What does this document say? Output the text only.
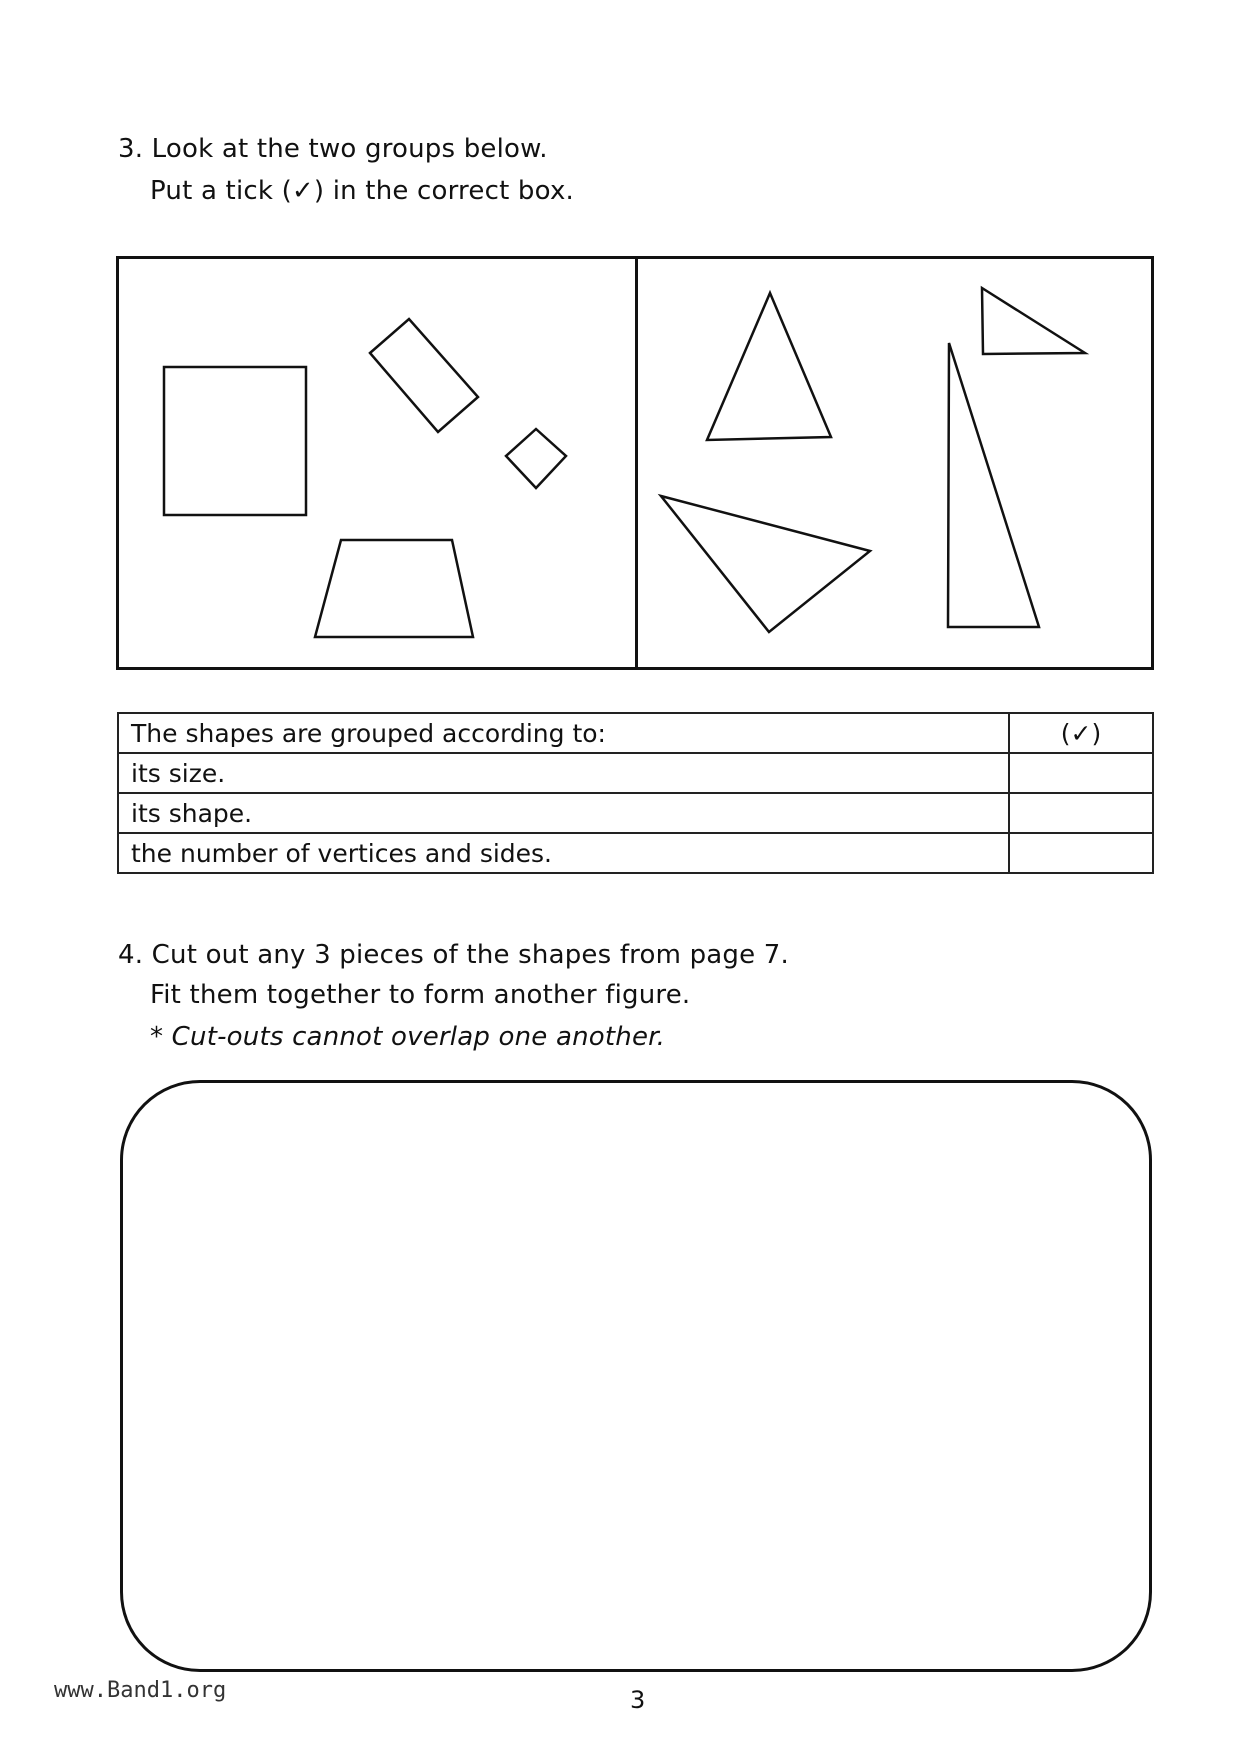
3. Look at the two groups below.
Put a tick (✓) in the correct box.
The shapes are grouped according to:	(✓)
its size.	
its shape.	
the number of vertices and sides.	
4. Cut out any 3 pieces of the shapes from page 7.
Fit them together to form another figure.
* Cut-outs cannot overlap one another.
www.Band1.org	3
